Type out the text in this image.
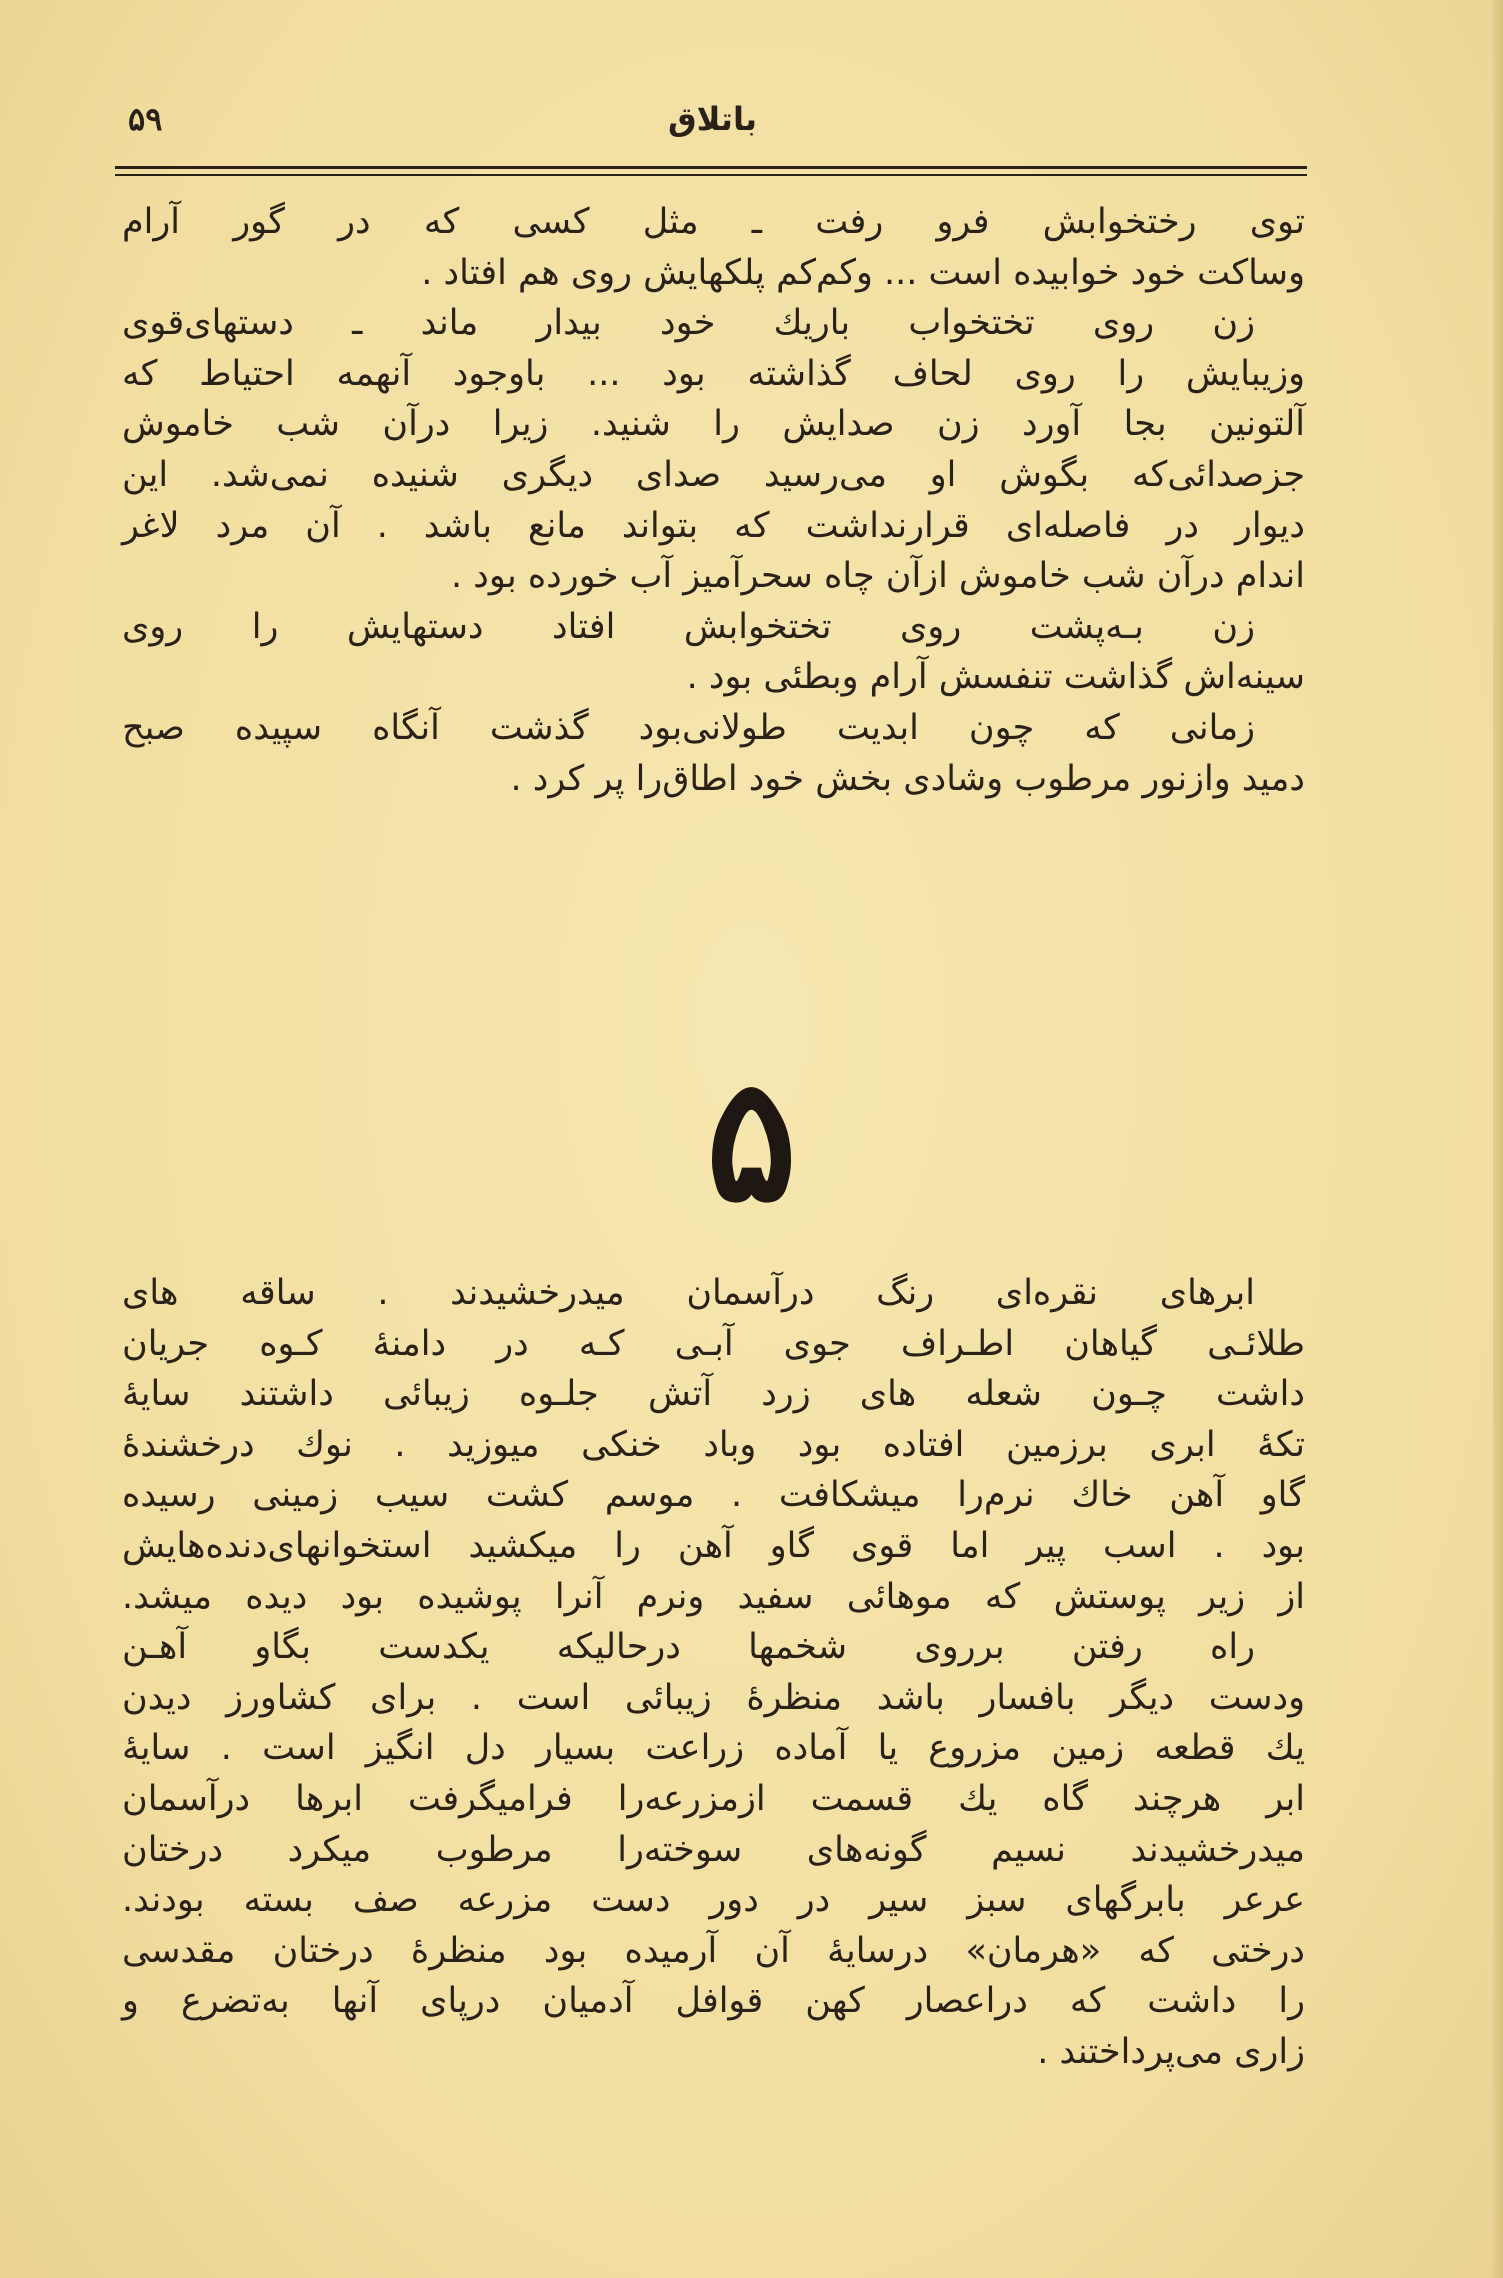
۵۹	باتلاق
توی رختخوابش فرو رفت ـ مثل کسی که در گور آرام
وساکت خود خوابیده است ... وکم‌کم پلکهایش روی هم افتاد .
زن روی تختخواب باریك خود بیدار ماند ـ دستهای‌قوی
وزیبایش را روی لحاف گذاشته بود ... باوجود آنهمه احتیاط که
آلتونین بجا آورد زن صدایش را شنید. زیرا درآن شب خاموش
جزصدائی‌که بگوش او می‌رسید صدای دیگری شنیده نمی‌شد. این
دیوار در فاصله‌ای قرارنداشت که بتواند مانع باشد . آن مرد لاغر
اندام درآن شب خاموش ازآن چاه سحرآمیز آب خورده بود .
زن بـه‌پشت روی تختخوابش افتاد دستهایش را روی
سینه‌اش گذاشت تنفسش آرام وبطئی بود .
زمانی که چون ابدیت طولانی‌بود گذشت آنگاه سپیده صبح
دمید وازنور مرطوب وشادی بخش خود اطاق‌را پر کرد .
۵
ابرهای نقره‌ای رنگ درآسمان میدرخشیدند . ساقه های
طلائـی گیاهان اطـراف جوی آبـی کـه در دامنهٔ کـوه جریان
داشت چـون شعله های زرد آتش جلـوه زیبائی داشتند سایهٔ
تکهٔ ابری برزمین افتاده بود وباد خنکی میوزید . نوك درخشندهٔ
گاو آهن خاك نرم‌را میشکافت . موسم کشت سیب زمینی رسیده
بود . اسب پیر اما قوی گاو آهن را میکشید استخوانهای‌دنده‌هایش
از زیر پوستش که موهائی سفید ونرم آنرا پوشیده بود دیده میشد.
راه رفتن برروی شخمها درحالیکه یکدست بگاو آهـن
ودست دیگر بافسار باشد منظرهٔ زیبائی است . برای کشاورز دیدن
یك قطعه زمین مزروع یا آماده زراعت بسیار دل انگیز است . سایهٔ
ابر هرچند گاه یك قسمت ازمزرعه‌را فرامیگرفت ابرها درآسمان
میدرخشیدند نسیم گونه‌های سوخته‌را مرطوب میکرد درختان
عرعر بابرگهای سبز سیر در دور دست مزرعه صف بسته بودند.
درختی که «هرمان» درسایهٔ آن آرمیده بود منظرهٔ درختان مقدسی
را داشت که دراعصار کهن قوافل آدمیان درپای آنها به‌تضرع و
زاری می‌پرداختند .
